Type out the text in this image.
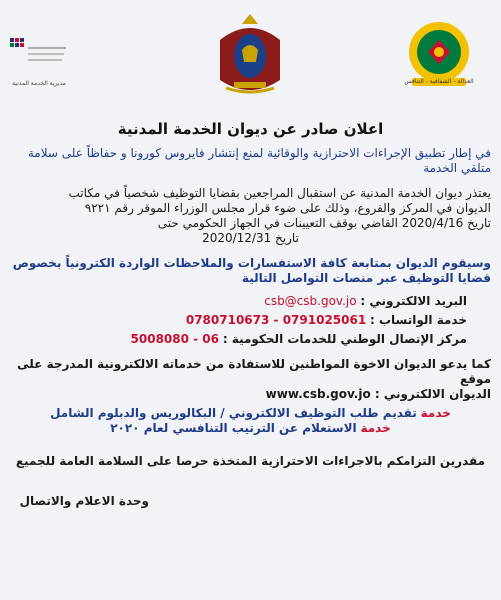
مديرية الخدمة المدنية	العدالة - الشفافية - التنافس
اعلان صادر عن ديوان الخدمة المدنية

في إطار تطبيق الإجراءات الاحترازية والوقائية لمنع إنتشار فايروس كورونا و حفاظاً على سلامة متلقي الخدمة

يعتذر ديوان الخدمة المدنية عن استقبال المراجعين بقضايا التوظيف شخصياً في مكاتب

الديوان في المركز والفروع، وذلك على ضوء قرار مجلس الوزراء الموقر رقم ٩٢٢١

تاريخ 2020/4/16 القاضي بوقف التعيينات في الجهاز الحكومي حتى

تاريخ 2020/12/31

وسيقوم الديوان بمتابعة كافة الاستفسارات والملاحظات الواردة الكترونياً بخصوص قضايا التوظيف عبر منصات التواصل التالية

البريد الالكتروني : csb@csb.gov.jo

خدمة الواتساب : 0780710673 - 0791025061

مركز الإتصال الوطني للخدمات الحكومية : 5008080 - 06

كما يدعو الديوان الاخوة المواطنين للاستفادة من خدماته الالكترونية المدرجة على موقع

الديوان الالكتروني : www.csb.gov.jo

خدمة تقديم طلب التوظيف الالكتروني / البكالوريس والدبلوم الشامل

خدمة الاستعلام عن الترتيب التنافسي لعام ٢٠٢٠

مقدرين التزامكم بالاجراءات الاحترازية المتخذة حرصا على السلامة العامة للجميع

وحدة الاعلام والاتصال
